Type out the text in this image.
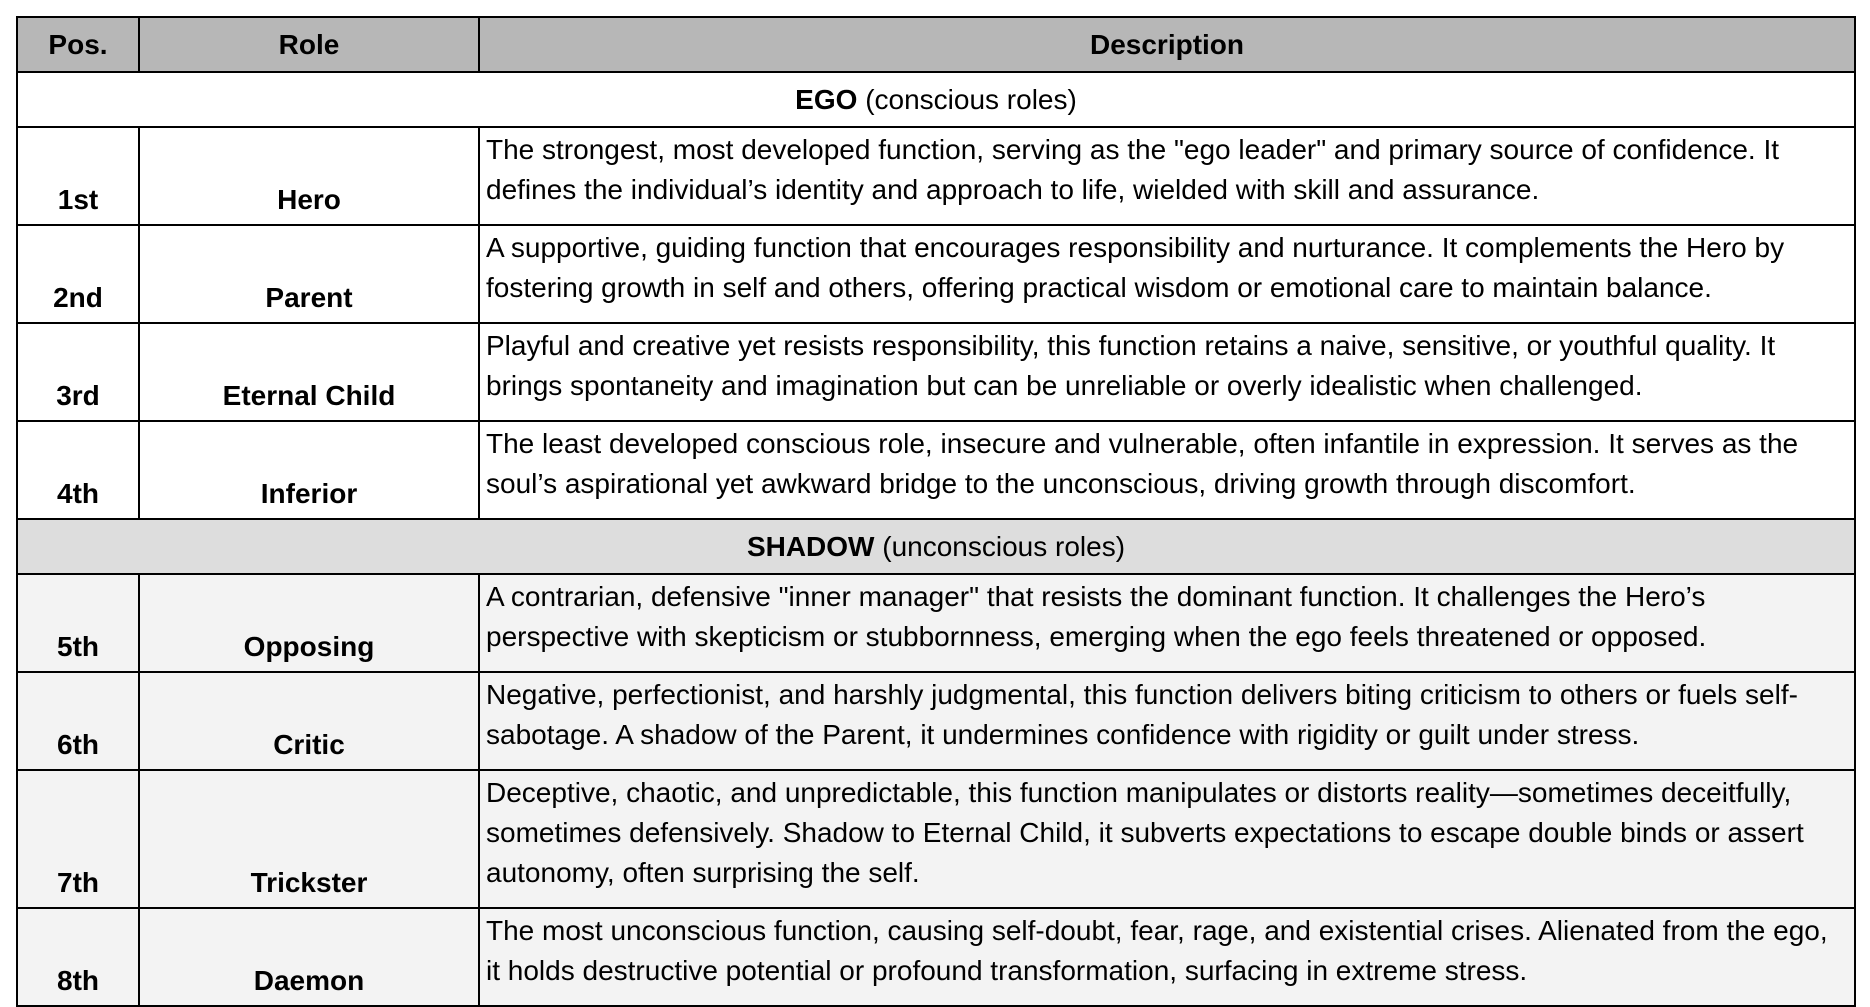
Pos.	Role	Description
EGO (conscious roles)		
1st	Hero	The strongest, most developed function, serving as the "ego leader" and primary source of confidence. It defines the individual’s identity and approach to life, wielded with skill and assurance.
2nd	Parent	A supportive, guiding function that encourages responsibility and nurturance. It complements the Hero by fostering growth in self and others, offering practical wisdom or emotional care to maintain balance.
3rd	Eternal Child	Playful and creative yet resists responsibility, this function retains a naive, sensitive, or youthful quality. It brings spontaneity and imagination but can be unreliable or overly idealistic when challenged.
4th	Inferior	The least developed conscious role, insecure and vulnerable, often infantile in expression. It serves as the soul’s aspirational yet awkward bridge to the unconscious, driving growth through discomfort.
SHADOW (unconscious roles)		
5th	Opposing	A contrarian, defensive "inner manager" that resists the dominant function. It challenges the Hero’s perspective with skepticism or stubbornness, emerging when the ego feels threatened or opposed.
6th	Critic	Negative, perfectionist, and harshly judgmental, this function delivers biting criticism to others or fuels self-sabotage. A shadow of the Parent, it undermines confidence with rigidity or guilt under stress.
7th	Trickster	Deceptive, chaotic, and unpredictable, this function manipulates or distorts reality—sometimes deceitfully, sometimes defensively. Shadow to Eternal Child, it subverts expectations to escape double binds or assert autonomy, often surprising the self.
8th	Daemon	The most unconscious function, causing self-doubt, fear, rage, and existential crises. Alienated from the ego, it holds destructive potential or profound transformation, surfacing in extreme stress.
